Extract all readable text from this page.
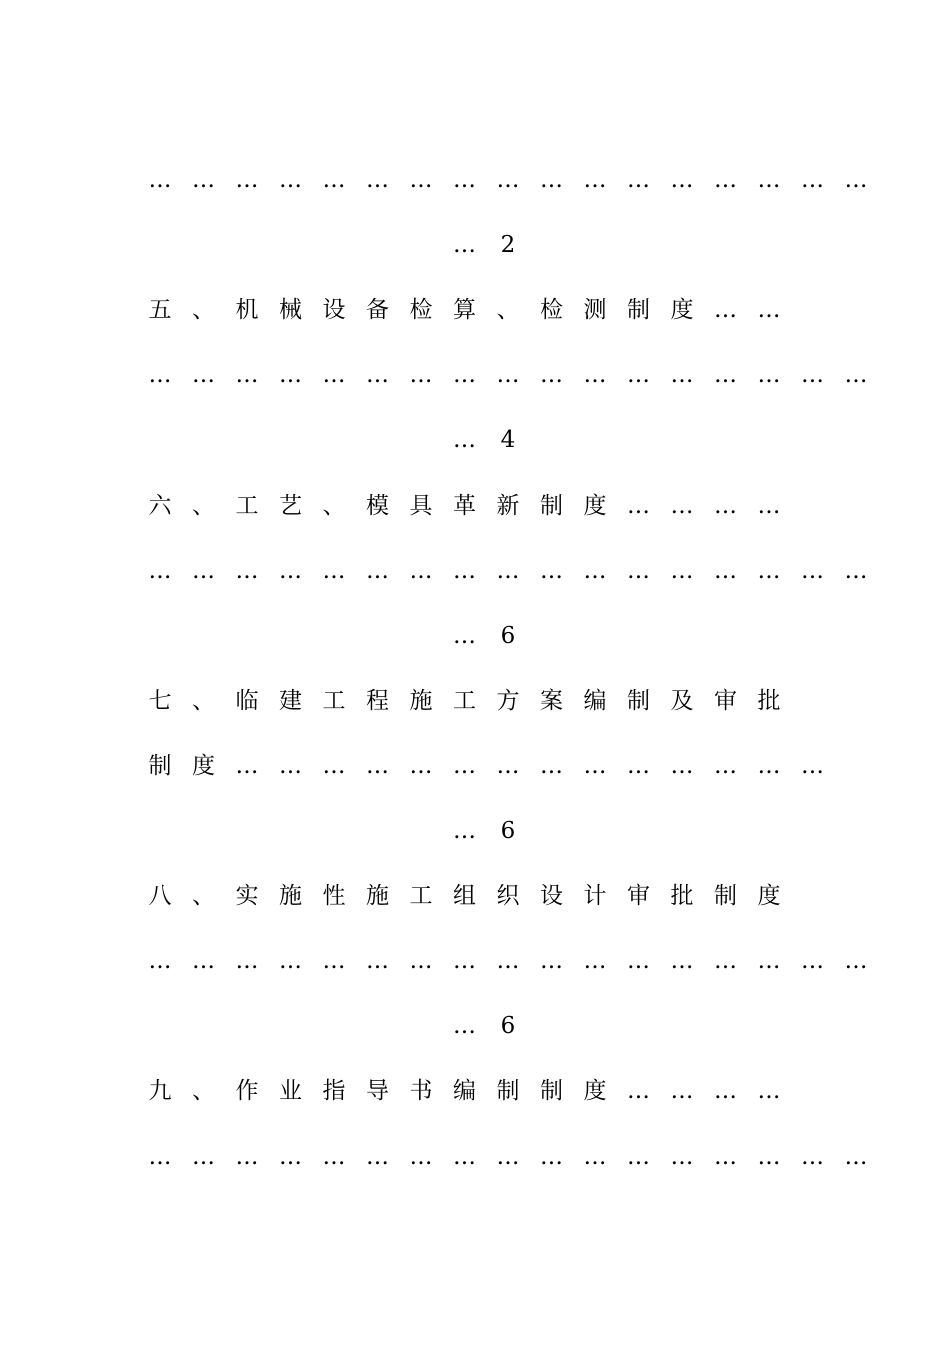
… … … … … … … … … … … … … … … … …
…	2
五 、 机 械 设 备 检 算 、 检 测 制 度 … …
… … … … … … … … … … … … … … … … …
…	4
六 、 工 艺 、 模 具 革 新 制 度 … … … …
… … … … … … … … … … … … … … … … …
…	6
七 、 临 建 工 程 施 工 方 案 编 制 及 审 批
制 度 … … … … … … … … … … … … … …
…	6
八 、 实 施 性 施 工 组 织 设 计 审 批 制 度
… … … … … … … … … … … … … … … … …
…	6
九 、 作 业 指 导 书 编 制 制 度 … … … …
… … … … … … … … … … … … … … … … …
